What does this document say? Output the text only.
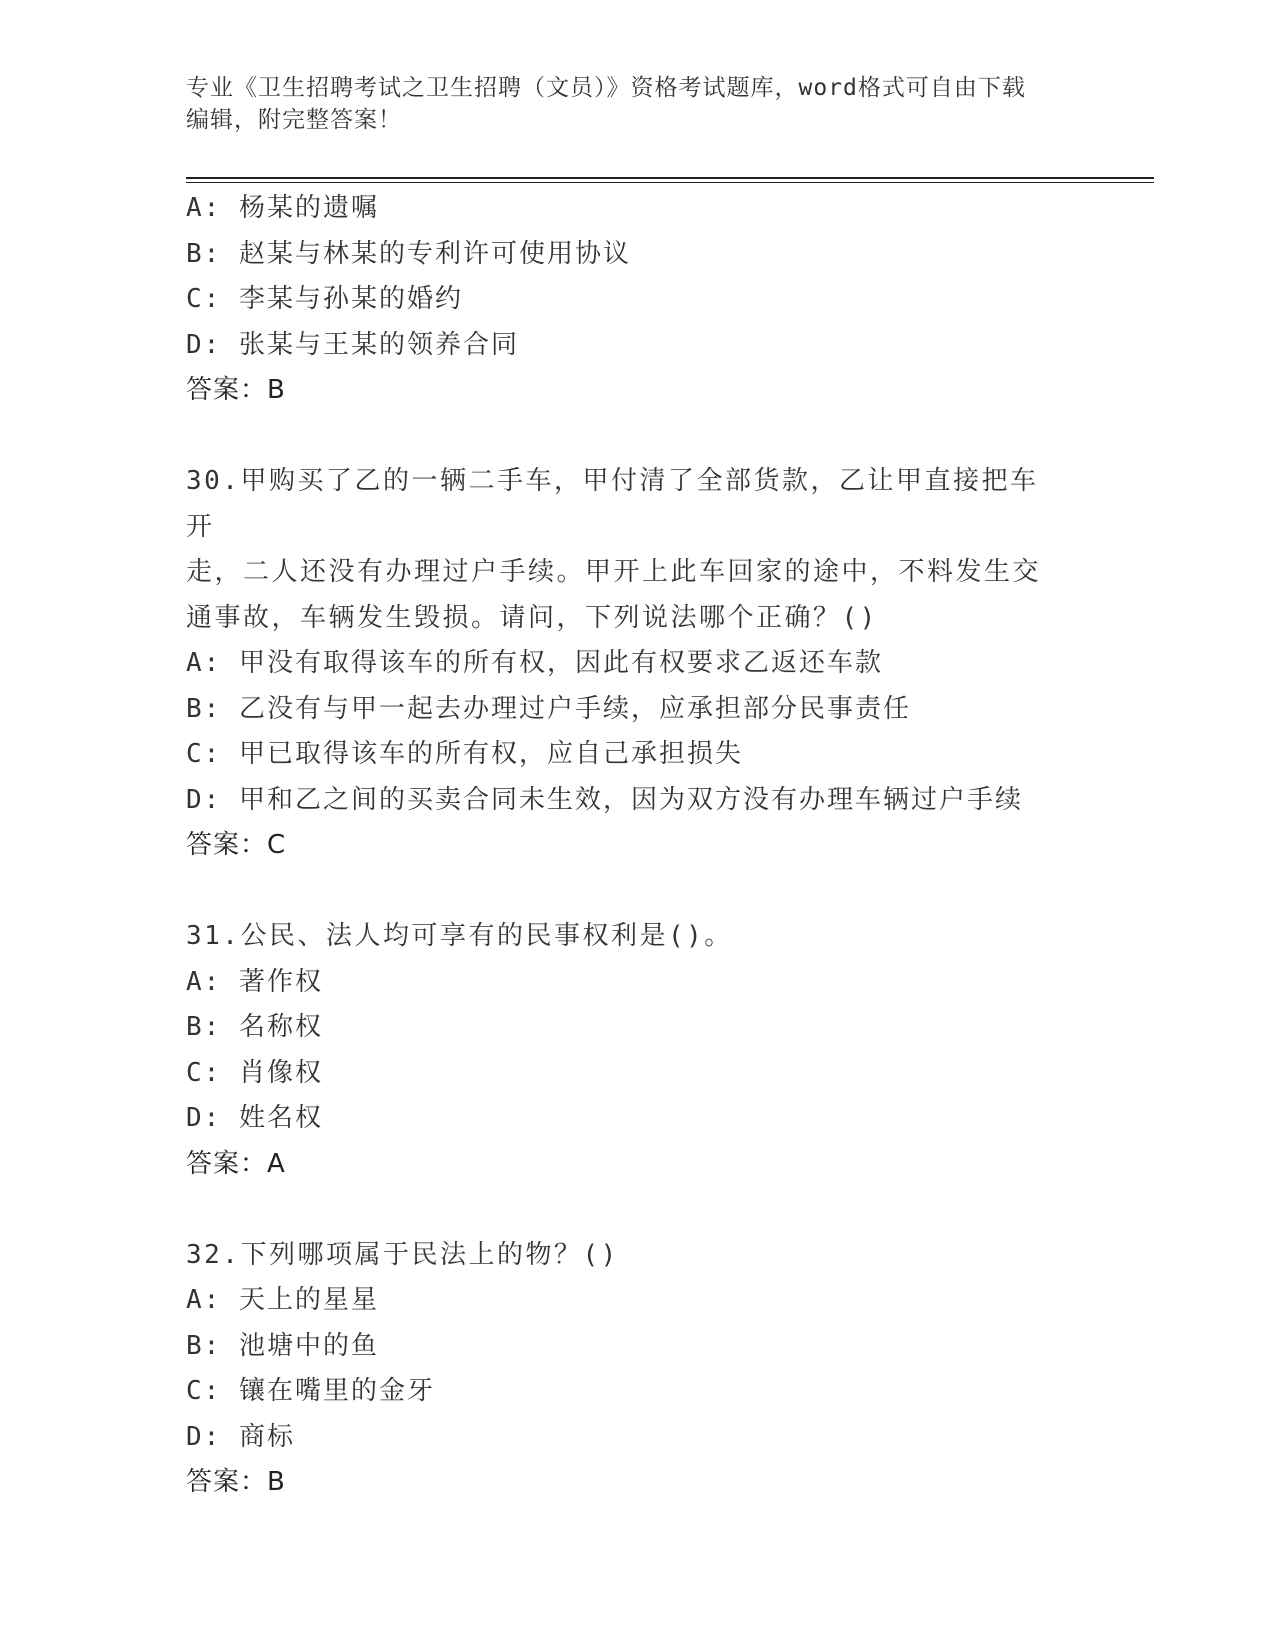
专业《卫生招聘考试之卫生招聘（文员）》资格考试题库，word格式可自由下载
编辑，附完整答案！
A: 杨某的遗嘱
B: 赵某与林某的专利许可使用协议
C: 李某与孙某的婚约
D: 张某与王某的领养合同
答案：B
30.甲购买了乙的一辆二手车，甲付清了全部货款，乙让甲直接把车开
走，二人还没有办理过户手续。甲开上此车回家的途中，不料发生交
通事故，车辆发生毁损。请问，下列说法哪个正确？()
A: 甲没有取得该车的所有权，因此有权要求乙返还车款
B: 乙没有与甲一起去办理过户手续，应承担部分民事责任
C: 甲已取得该车的所有权，应自己承担损失
D: 甲和乙之间的买卖合同未生效，因为双方没有办理车辆过户手续
答案：C
31.公民、法人均可享有的民事权利是()。
A: 著作权
B: 名称权
C: 肖像权
D: 姓名权
答案：A
32.下列哪项属于民法上的物？()
A: 天上的星星
B: 池塘中的鱼
C: 镶在嘴里的金牙
D: 商标
答案：B
